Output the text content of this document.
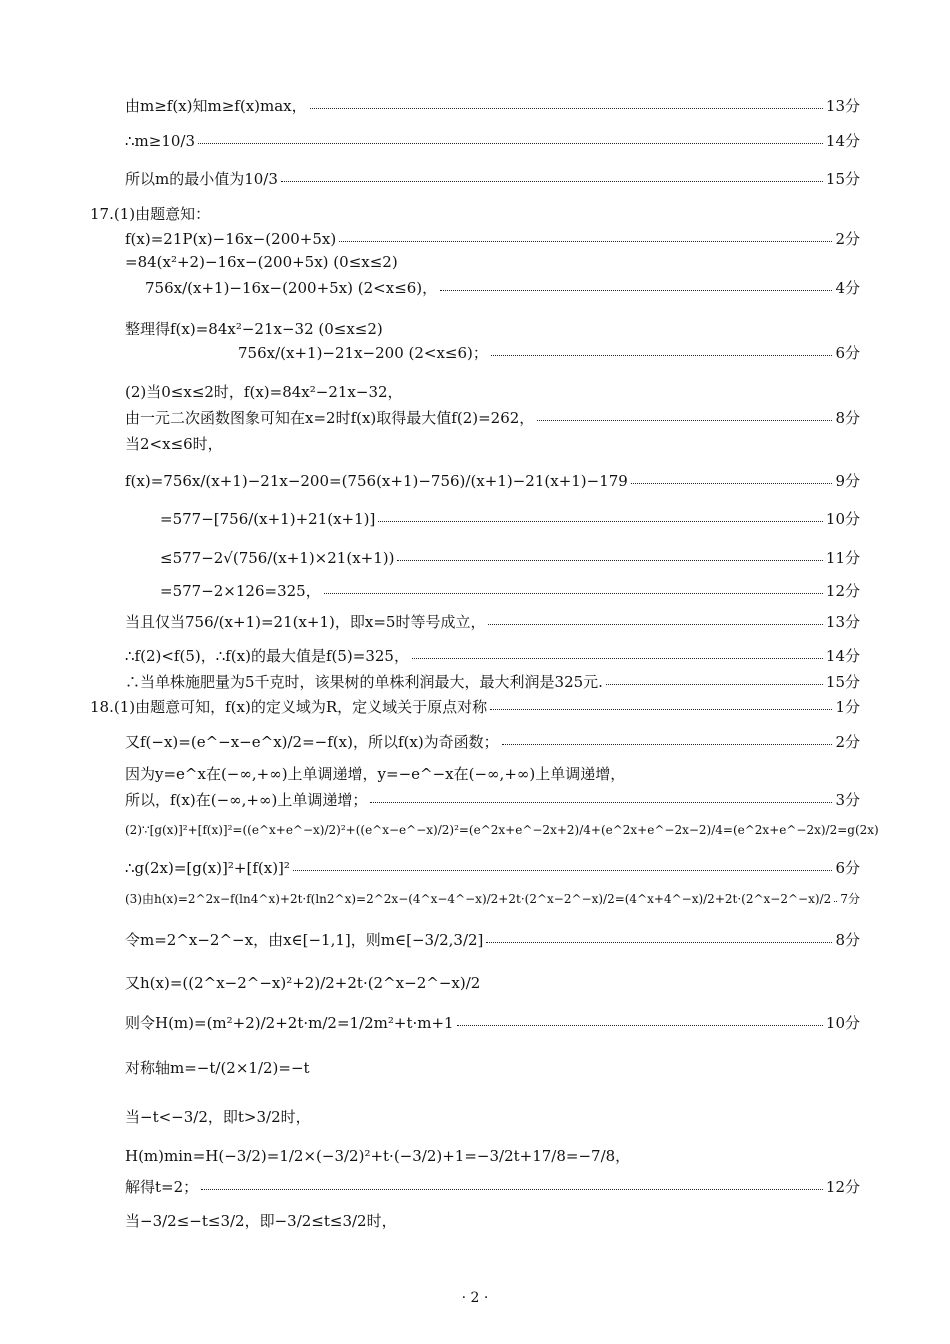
由m≥f(x)知m≥f(x)max，	13分
∴m≥10/3	14分
所以m的最小值为10/3	15分
17.(1)由题意知：
f(x)=21P(x)−16x−(200+5x)	2分
=84(x²+2)−16x−(200+5x) (0≤x≤2)
756x/(x+1)−16x−(200+5x) (2<x≤6)，	4分
整理得f(x)=84x²−21x−32 (0≤x≤2)
756x/(x+1)−21x−200 (2<x≤6)；	6分
(2)当0≤x≤2时，f(x)=84x²−21x−32，
由一元二次函数图象可知在x=2时f(x)取得最大值f(2)=262，	8分
当2<x≤6时，
f(x)=756x/(x+1)−21x−200=(756(x+1)−756)/(x+1)−21(x+1)−179	9分
=577−[756/(x+1)+21(x+1)]	10分
≤577−2√(756/(x+1)×21(x+1))	11分
=577−2×126=325，	12分
当且仅当756/(x+1)=21(x+1)，即x=5时等号成立，	13分
∴f(2)<f(5)，∴f(x)的最大值是f(5)=325，	14分
∴当单株施肥量为5千克时，该果树的单株利润最大，最大利润是325元.	15分
18.(1)由题意可知，f(x)的定义域为R，定义域关于原点对称	1分
又f(−x)=(e^−x−e^x)/2=−f(x)，所以f(x)为奇函数；	2分
因为y=e^x在(−∞,+∞)上单调递增，y=−e^−x在(−∞,+∞)上单调递增，
所以，f(x)在(−∞,+∞)上单调递增；	3分
(2)∵[g(x)]²+[f(x)]²=((e^x+e^−x)/2)²+((e^x−e^−x)/2)²=(e^2x+e^−2x+2)/4+(e^2x+e^−2x−2)/4=(e^2x+e^−2x)/2=g(2x)
∴g(2x)=[g(x)]²+[f(x)]²	6分
(3)由h(x)=2^2x−f(ln4^x)+2t·f(ln2^x)=2^2x−(4^x−4^−x)/2+2t·(2^x−2^−x)/2=(4^x+4^−x)/2+2t·(2^x−2^−x)/2 7分
令m=2^x−2^−x，由x∈[−1,1]，则m∈[−3/2,3/2]	8分
又h(x)=((2^x−2^−x)²+2)/2+2t·(2^x−2^−x)/2
则令H(m)=(m²+2)/2+2t·m/2=1/2m²+t·m+1	10分
对称轴m=−t/(2×1/2)=−t
当−t<−3/2，即t>3/2时，
H(m)min=H(−3/2)=1/2×(−3/2)²+t·(−3/2)+1=−3/2t+17/8=−7/8，
解得t=2；	12分
当−3/2≤−t≤3/2，即−3/2≤t≤3/2时，
· 2 ·
